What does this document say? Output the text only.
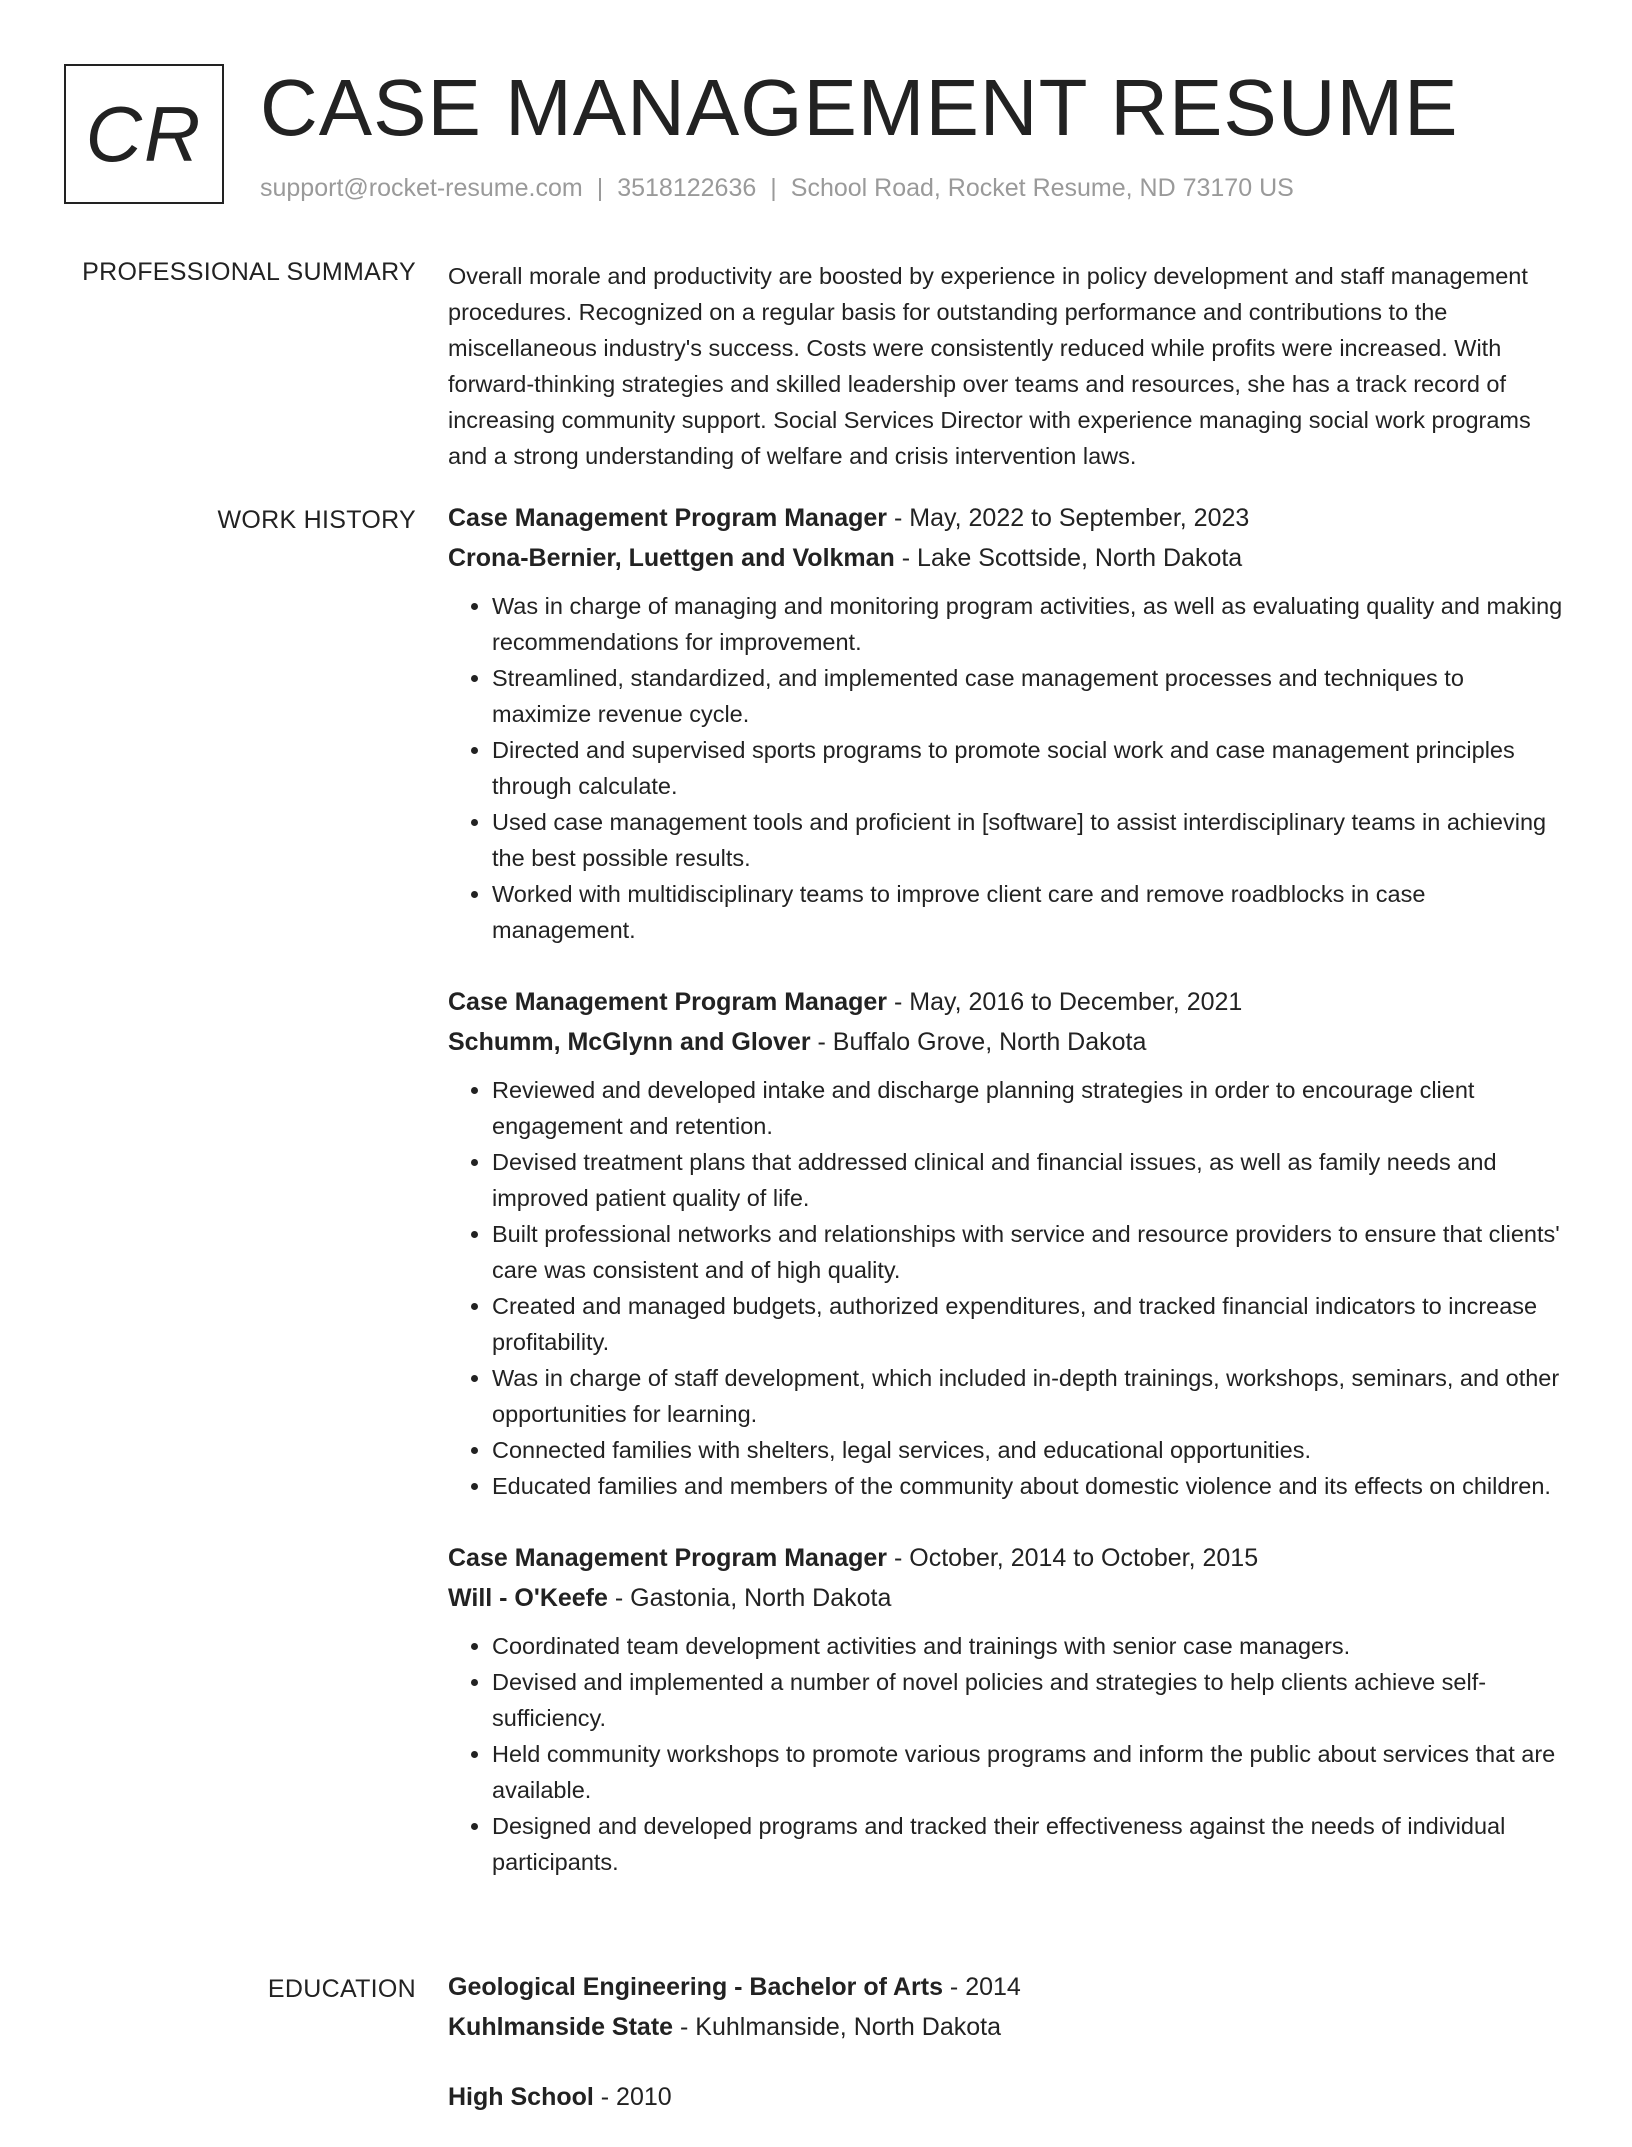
CR CASE MANAGEMENT RESUME
support@rocket-resume.com | 3518122636 | School Road, Rocket Resume, ND 73170 US
PROFESSIONAL SUMMARY Overall morale and productivity are boosted by experience in policy development and staff management procedures. Recognized on a regular basis for outstanding performance and contributions to the miscellaneous industry's success. Costs were consistently reduced while profits were increased. With forward-thinking strategies and skilled leadership over teams and resources, she has a track record of increasing community support. Social Services Director with experience managing social work programs and a strong understanding of welfare and crisis intervention laws.

WORK HISTORY Case Management Program Manager - May, 2022 to September, 2023
Crona-Bernier, Luettgen and Volkman - Lake Scottside, North Dakota
• Was in charge of managing and monitoring program activities, as well as evaluating quality and making recommendations for improvement.
• Streamlined, standardized, and implemented case management processes and techniques to maximize revenue cycle.
• Directed and supervised sports programs to promote social work and case management principles through calculate.
• Used case management tools and proficient in [software] to assist interdisciplinary teams in achieving the best possible results.
• Worked with multidisciplinary teams to improve client care and remove roadblocks in case management.
Case Management Program Manager - May, 2016 to December, 2021
Schumm, McGlynn and Glover - Buffalo Grove, North Dakota
• Reviewed and developed intake and discharge planning strategies in order to encourage client engagement and retention.
• Devised treatment plans that addressed clinical and financial issues, as well as family needs and improved patient quality of life.
• Built professional networks and relationships with service and resource providers to ensure that clients' care was consistent and of high quality.
• Created and managed budgets, authorized expenditures, and tracked financial indicators to increase profitability.
• Was in charge of staff development, which included in-depth trainings, workshops, seminars, and other opportunities for learning.
• Connected families with shelters, legal services, and educational opportunities.
• Educated families and members of the community about domestic violence and its effects on children.
Case Management Program Manager - October, 2014 to October, 2015
Will - O'Keefe - Gastonia, North Dakota
• Coordinated team development activities and trainings with senior case managers.
• Devised and implemented a number of novel policies and strategies to help clients achieve self-sufficiency.
• Held community workshops to promote various programs and inform the public about services that are available.
• Designed and developed programs and tracked their effectiveness against the needs of individual participants.
EDUCATION Geological Engineering - Bachelor of Arts - 2014
Kuhlmanside State - Kuhlmanside, North Dakota
High School - 2010
